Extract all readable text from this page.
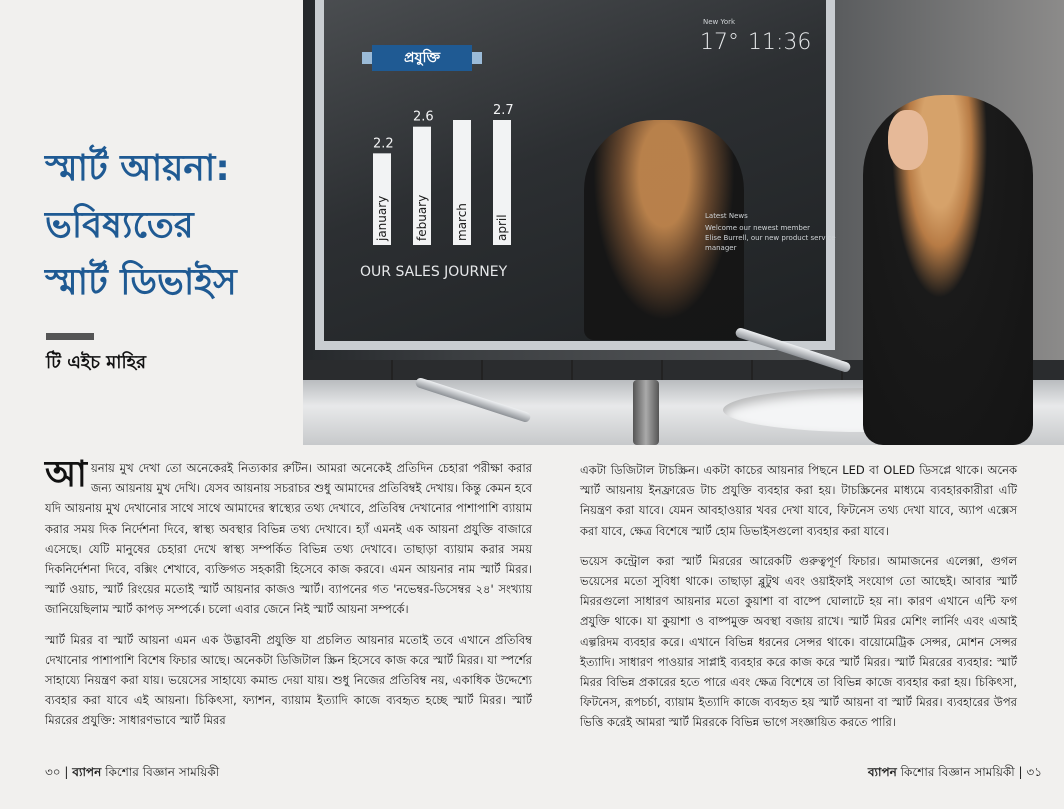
স্মার্ট আয়না:
ভবিষ্যতের
স্মার্ট ডিভাইস
টি এইচ মাহির
17°
New York
11:36
Latest News
Welcome our newest member
Elise Burrell, our new product service
manager
january
2.2
febuary
2.6
march april
2.7
OUR SALES JOURNEY
প্রযুক্তি

আ য়নায় মুখ দেখা তো অনেকেরই নিত্যকার রুটিন। আমরা অনেকেই প্রতিদিন চেহারা পরীক্ষা করার জন্য আয়নায় মুখ দেখি। যেসব আয়নায় সচরাচর শুধু আমাদের প্রতিবিম্বই দেখায়। কিন্তু কেমন হবে যদি আয়নায় মুখ দেখানোর সাথে সাথে আমাদের স্বাস্থ্যের তথ্য দেখাবে, প্রতিবিম্ব দেখানোর পাশাপাশি ব্যায়াম করার সময় দিক নির্দেশনা দিবে, স্বাস্থ্য অবস্থার বিভিন্ন তথ্য দেখাবে। হ্যাঁ এমনই এক আয়না প্রযুক্তি বাজারে এসেছে। যেটি মানুষের চেহারা দেখে স্বাস্থ্য সম্পর্কিত বিভিন্ন তথ্য দেখাবে। তাছাড়া ব্যায়াম করার সময় দিকনির্দেশনা দিবে, বক্সিং শেখাবে, ব্যক্তিগত সহকারী হিসেবে কাজ করবে। এমন আয়নার নাম স্মার্ট মিরর। স্মার্ট ওয়াচ, স্মার্ট রিংয়ের মতোই স্মার্ট আয়নার কাজও স্মার্ট। ব্যাপনের গত 'নভেম্বর-ডিসেম্বর ২৪' সংখ্যায় জানিয়েছিলাম স্মার্ট কাপড় সম্পর্কে। চলো এবার জেনে নিই স্মার্ট আয়না সম্পর্কে।

স্মার্ট মিরর বা স্মার্ট আয়না এমন এক উদ্ভাবনী প্রযুক্তি যা প্রচলিত আয়নার মতোই তবে এখানে প্রতিবিম্ব দেখানোর পাশাপাশি বিশেষ ফিচার আছে। অনেকটা ডিজিটাল স্ক্রিন হিসেবে কাজ করে স্মার্ট মিরর। যা স্পর্শের সাহায্যে নিয়ন্ত্রণ করা যায়। ভয়েসের সাহায্যে কমান্ড দেয়া যায়। শুধু নিজের প্রতিবিম্ব নয়, একাধিক উদ্দেশ্যে ব্যবহার করা যাবে এই আয়না। চিকিৎসা, ফ্যাশন, ব্যায়াম ইত্যাদি কাজে ব্যবহৃত হচ্ছে স্মার্ট মিরর। স্মার্ট মিররের প্রযুক্তি: সাধারণভাবে স্মার্ট মিরর

একটা ডিজিটাল টাচস্ক্রিন। একটা কাচের আয়নার পিছনে LED বা OLED ডিসপ্লে থাকে। অনেক স্মার্ট আয়নায় ইনফ্রারেড টাচ প্রযুক্তি ব্যবহার করা হয়। টাচস্ক্রিনের মাধ্যমে ব্যবহারকারীরা এটি নিয়ন্ত্রণ করা যাবে। যেমন আবহাওয়ার খবর দেখা যাবে, ফিটনেস তথ্য দেখা যাবে, অ্যাপ এক্সেস করা যাবে, ক্ষেত্র বিশেষে স্মার্ট হোম ডিভাইসগুলো ব্যবহার করা যাবে।

ভয়েস কন্ট্রোল করা স্মার্ট মিররের আরেকটি গুরুত্বপূর্ণ ফিচার। আমাজনের এলেক্সা, গুগল ভয়েসের মতো সুবিধা থাকে। তাছাড়া ব্লুটুথ এবং ওয়াইফাই সংযোগ তো আছেই। আবার স্মার্ট মিররগুলো সাধারণ আয়নার মতো কুয়াশা বা বাষ্পে ঘোলাটে হয় না। কারণ এখানে এন্টি ফগ প্রযুক্তি থাকে। যা কুয়াশা ও বাষ্পমুক্ত অবস্থা বজায় রাখে। স্মার্ট মিরর মেশিং লার্নিং এবং এআই এল্গরিদম ব্যবহার করে। এখানে বিভিন্ন ধরনের সেন্সর থাকে। বায়োমেট্রিক সেন্সর, মোশন সেন্সর ইত্যাদি। সাধারণ পাওয়ার সাপ্লাই ব্যবহার করে কাজ করে স্মার্ট মিরর। স্মার্ট মিররের ব্যবহার: স্মার্ট মিরর বিভিন্ন প্রকারের হতে পারে এবং ক্ষেত্র বিশেষে তা বিভিন্ন কাজে ব্যবহার করা হয়। চিকিৎসা, ফিটনেস, রূপচর্চা, ব্যায়াম ইত্যাদি কাজে ব্যবহৃত হয় স্মার্ট আয়না বা স্মার্ট মিরর। ব্যবহারের উপর ভিত্তি করেই আমরা স্মার্ট মিররকে বিভিন্ন ভাগে সংজ্ঞায়িত করতে পারি।

৩০ | ব্যাপন কিশোর বিজ্ঞান সাময়িকী	ব্যাপন কিশোর বিজ্ঞান সাময়িকী | ৩১
